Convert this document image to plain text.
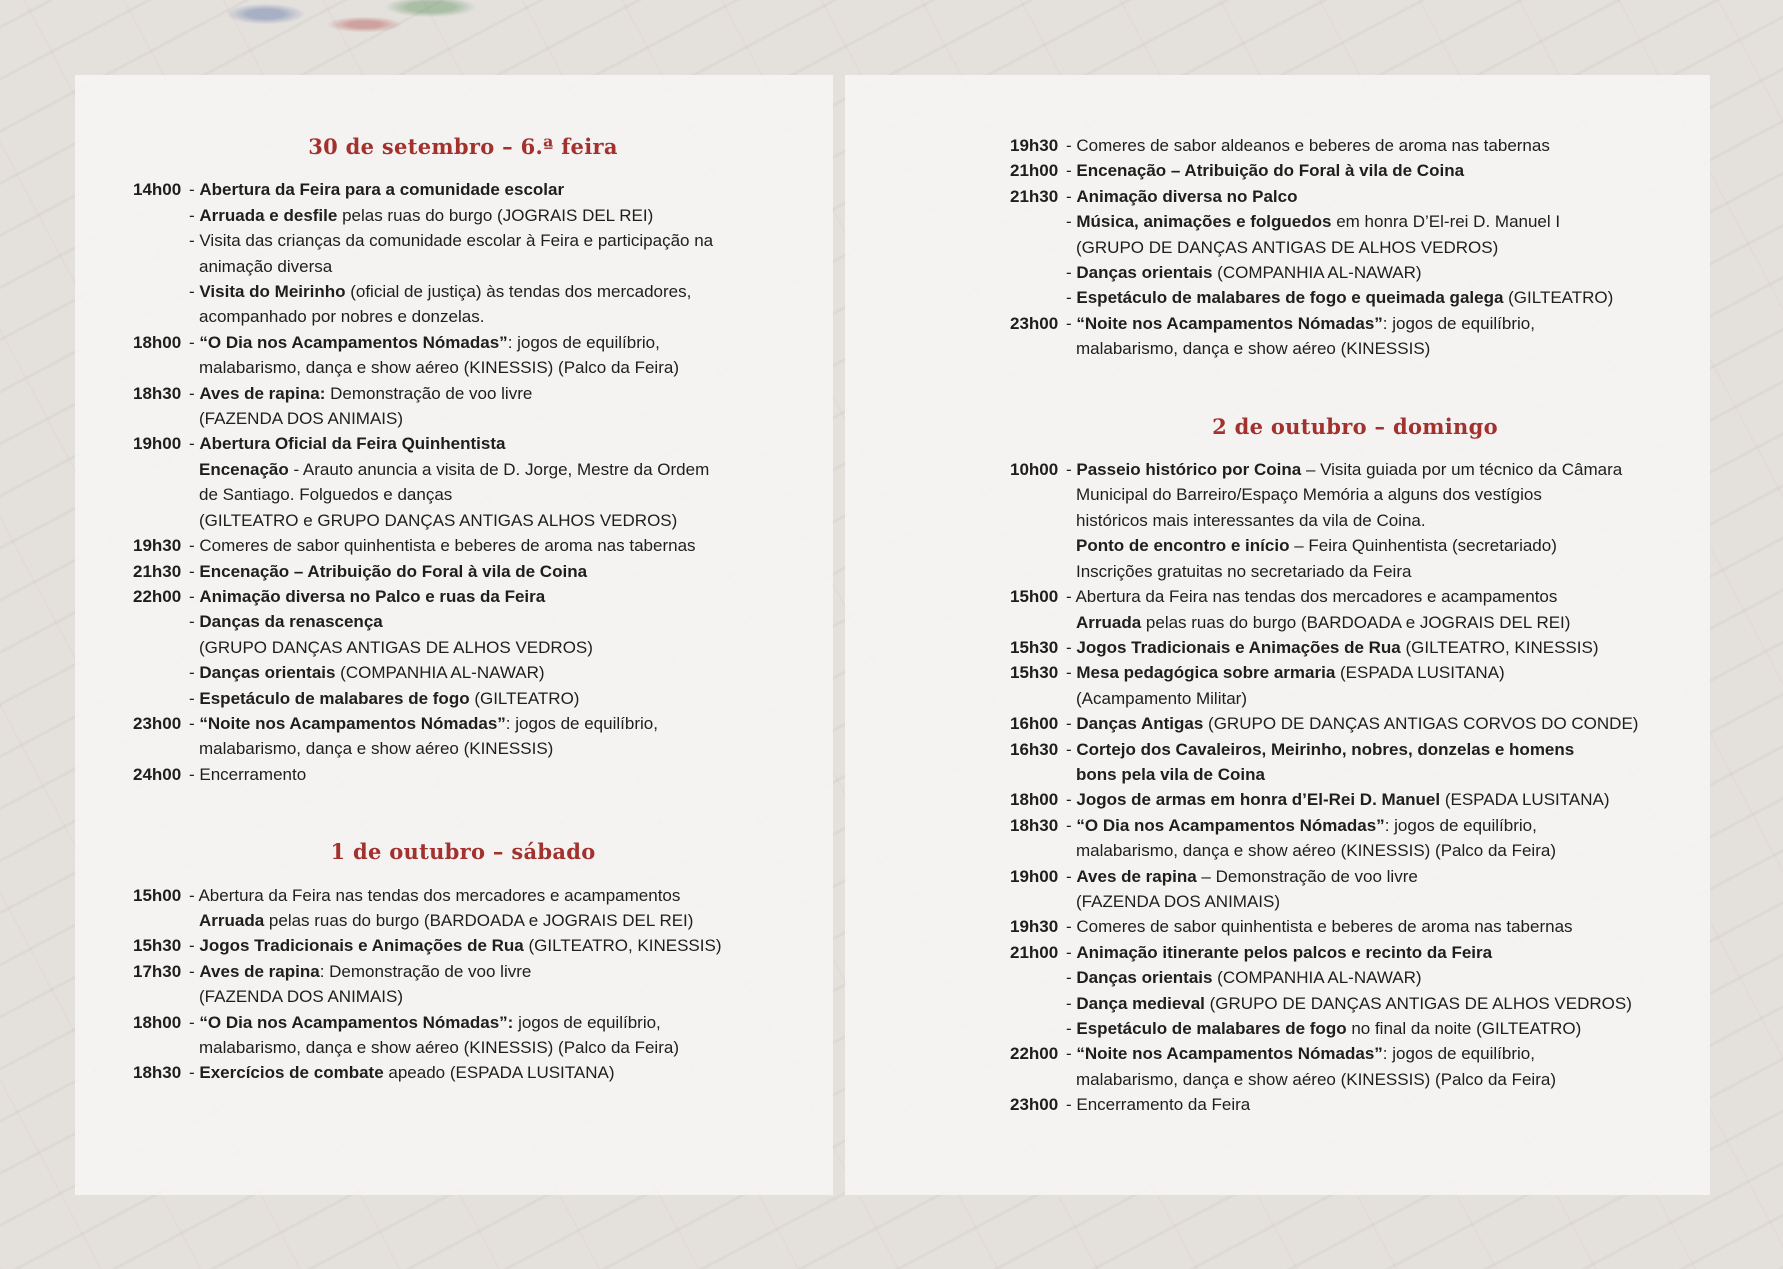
30 de setembro – 6.ª feira
14h00 - Abertura da Feira para a comunidade escolar
- Arruada e desfile pelas ruas do burgo (JOGRAIS DEL REI)
- Visita das crianças da comunidade escolar à Feira e participação na
animação diversa
- Visita do Meirinho (oficial de justiça) às tendas dos mercadores,
acompanhado por nobres e donzelas.
18h00 - “O Dia nos Acampamentos Nómadas”: jogos de equilíbrio,
malabarismo, dança e show aéreo (KINESSIS) (Palco da Feira)
18h30 - Aves de rapina: Demonstração de voo livre
(FAZENDA DOS ANIMAIS)
19h00 - Abertura Oficial da Feira Quinhentista
Encenação - Arauto anuncia a visita de D. Jorge, Mestre da Ordem
de Santiago. Folguedos e danças
(GILTEATRO e GRUPO DANÇAS ANTIGAS ALHOS VEDROS)
19h30 - Comeres de sabor quinhentista e beberes de aroma nas tabernas
21h30 - Encenação – Atribuição do Foral à vila de Coina
22h00 - Animação diversa no Palco e ruas da Feira
- Danças da renascença
(GRUPO DANÇAS ANTIGAS DE ALHOS VEDROS)
- Danças orientais (COMPANHIA AL-NAWAR)
- Espetáculo de malabares de fogo (GILTEATRO)
23h00 - “Noite nos Acampamentos Nómadas”: jogos de equilíbrio,
malabarismo, dança e show aéreo (KINESSIS)
24h00 - Encerramento
1 de outubro – sábado
15h00 - Abertura da Feira nas tendas dos mercadores e acampamentos
Arruada pelas ruas do burgo (BARDOADA e JOGRAIS DEL REI)
15h30 - Jogos Tradicionais e Animações de Rua (GILTEATRO, KINESSIS)
17h30 - Aves de rapina: Demonstração de voo livre
(FAZENDA DOS ANIMAIS)
18h00 - “O Dia nos Acampamentos Nómadas”: jogos de equilíbrio,
malabarismo, dança e show aéreo (KINESSIS) (Palco da Feira)
18h30 - Exercícios de combate apeado (ESPADA LUSITANA)
19h30 - Comeres de sabor aldeanos e beberes de aroma nas tabernas
21h00 - Encenação – Atribuição do Foral à vila de Coina
21h30 - Animação diversa no Palco
- Música, animações e folguedos em honra D’El-rei D. Manuel I
(GRUPO DE DANÇAS ANTIGAS DE ALHOS VEDROS)
- Danças orientais (COMPANHIA AL-NAWAR)
- Espetáculo de malabares de fogo e queimada galega (GILTEATRO)
23h00 - “Noite nos Acampamentos Nómadas”: jogos de equilíbrio,
malabarismo, dança e show aéreo (KINESSIS)
2 de outubro – domingo
10h00 - Passeio histórico por Coina – Visita guiada por um técnico da Câmara
Municipal do Barreiro/Espaço Memória a alguns dos vestígios
históricos mais interessantes da vila de Coina.
Ponto de encontro e início – Feira Quinhentista (secretariado)
Inscrições gratuitas no secretariado da Feira
15h00 - Abertura da Feira nas tendas dos mercadores e acampamentos
Arruada pelas ruas do burgo (BARDOADA e JOGRAIS DEL REI)
15h30 - Jogos Tradicionais e Animações de Rua (GILTEATRO, KINESSIS)
15h30 - Mesa pedagógica sobre armaria (ESPADA LUSITANA)
(Acampamento Militar)
16h00 - Danças Antigas (GRUPO DE DANÇAS ANTIGAS CORVOS DO CONDE)
16h30 - Cortejo dos Cavaleiros, Meirinho, nobres, donzelas e homens
bons pela vila de Coina
18h00 - Jogos de armas em honra d’El-Rei D. Manuel (ESPADA LUSITANA)
18h30 - “O Dia nos Acampamentos Nómadas”: jogos de equilíbrio,
malabarismo, dança e show aéreo (KINESSIS) (Palco da Feira)
19h00 - Aves de rapina – Demonstração de voo livre
(FAZENDA DOS ANIMAIS)
19h30 - Comeres de sabor quinhentista e beberes de aroma nas tabernas
21h00 - Animação itinerante pelos palcos e recinto da Feira
- Danças orientais (COMPANHIA AL-NAWAR)
- Dança medieval (GRUPO DE DANÇAS ANTIGAS DE ALHOS VEDROS)
- Espetáculo de malabares de fogo no final da noite (GILTEATRO)
22h00 - “Noite nos Acampamentos Nómadas”: jogos de equilíbrio,
malabarismo, dança e show aéreo (KINESSIS) (Palco da Feira)
23h00 - Encerramento da Feira
